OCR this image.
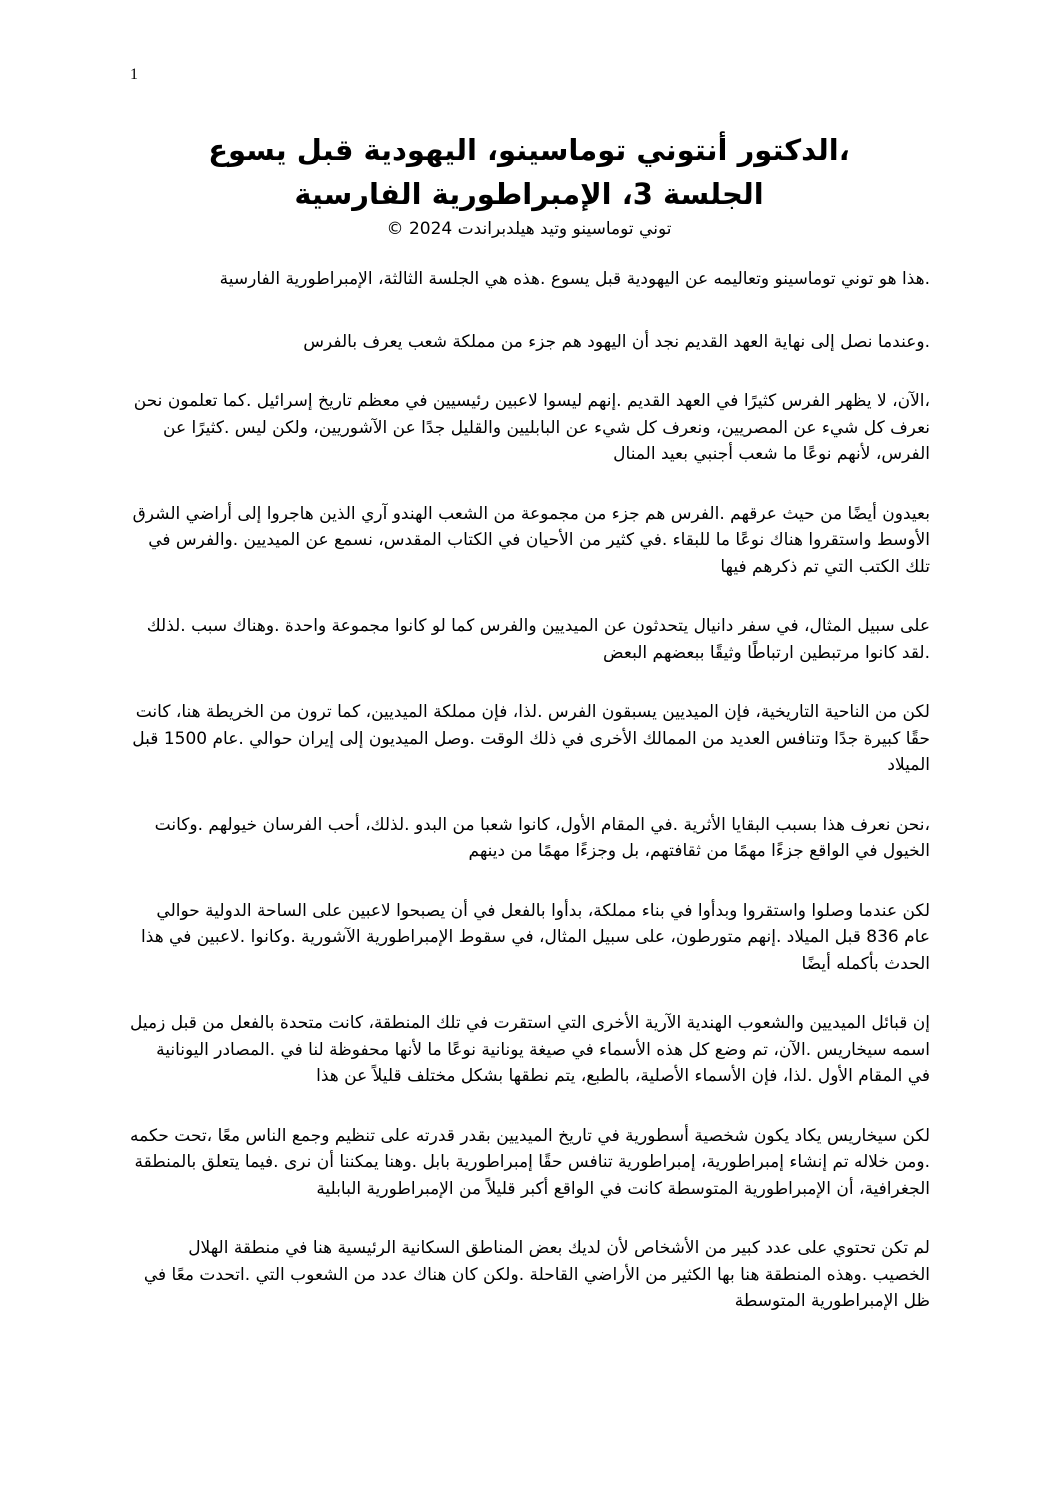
1

،الدكتور أنتوني توماسينو، اليهودية قبل يسوع

الجلسة 3، الإمبراطورية الفارسية

توني توماسينو وتيد هيلدبراندت 2024 ©

.هذا هو توني توماسينو وتعاليمه عن اليهودية قبل يسوع .هذه هي الجلسة الثالثة، الإمبراطورية الفارسية

.وعندما نصل إلى نهاية العهد القديم نجد أن اليهود هم جزء من مملكة شعب يعرف بالفرس

،الآن، لا يظهر الفرس كثيرًا في العهد القديم .إنهم ليسوا لاعبين رئيسيين في معظم تاريخ إسرائيل .كما تعلمون نحن نعرف كل شيء عن المصريين، ونعرف كل شيء عن البابليين والقليل جدًا عن الآشوريين، ولكن ليس .كثيرًا عن الفرس، لأنهم نوعًا ما شعب أجنبي بعيد المنال

بعيدون أيضًا من حيث عرقهم .الفرس هم جزء من مجموعة من الشعب الهندو آري الذين هاجروا إلى أراضي الشرق الأوسط واستقروا هناك نوعًا ما للبقاء .في كثير من الأحيان في الكتاب المقدس، نسمع عن الميديين .والفرس في تلك الكتب التي تم ذكرهم فيها

على سبيل المثال، في سفر دانيال يتحدثون عن الميديين والفرس كما لو كانوا مجموعة واحدة .وهناك سبب .لذلك .لقد كانوا مرتبطين ارتباطًا وثيقًا ببعضهم البعض

لكن من الناحية التاريخية، فإن الميديين يسبقون الفرس .لذا، فإن مملكة الميديين، كما ترون من الخريطة هنا، كانت حقًا كبيرة جدًا وتنافس العديد من الممالك الأخرى في ذلك الوقت .وصل الميديون إلى إيران حوالي .عام 1500 قبل الميلاد

،نحن نعرف هذا بسبب البقايا الأثرية .في المقام الأول، كانوا شعبا من البدو .لذلك، أحب الفرسان خيولهم .وكانت الخيول في الواقع جزءًا مهمًا من ثقافتهم، بل وجزءًا مهمًا من دينهم

لكن عندما وصلوا واستقروا وبدأوا في بناء مملكة، بدأوا بالفعل في أن يصبحوا لاعبين على الساحة الدولية حوالي عام 836 قبل الميلاد .إنهم متورطون، على سبيل المثال، في سقوط الإمبراطورية الآشورية .وكانوا .لاعبين في هذا الحدث بأكمله أيضًا

إن قبائل الميديين والشعوب الهندية الآرية الأخرى التي استقرت في تلك المنطقة، كانت متحدة بالفعل من قبل زميل اسمه سيخاريس .الآن، تم وضع كل هذه الأسماء في صيغة يونانية نوعًا ما لأنها محفوظة لنا في .المصادر اليونانية في المقام الأول .لذا، فإن الأسماء الأصلية، بالطبع، يتم نطقها بشكل مختلف قليلاً عن هذا

لكن سيخاريس يكاد يكون شخصية أسطورية في تاريخ الميديين بقدر قدرته على تنظيم وجمع الناس معًا ،تحت حكمه .ومن خلاله تم إنشاء إمبراطورية، إمبراطورية تنافس حقًا إمبراطورية بابل .وهنا يمكننا أن نرى .فيما يتعلق بالمنطقة الجغرافية، أن الإمبراطورية المتوسطة كانت في الواقع أكبر قليلاً من الإمبراطورية البابلية

لم تكن تحتوي على عدد كبير من الأشخاص لأن لديك بعض المناطق السكانية الرئيسية هنا في منطقة الهلال الخصيب .وهذه المنطقة هنا بها الكثير من الأراضي القاحلة .ولكن كان هناك عدد من الشعوب التي .اتحدت معًا في ظل الإمبراطورية المتوسطة
